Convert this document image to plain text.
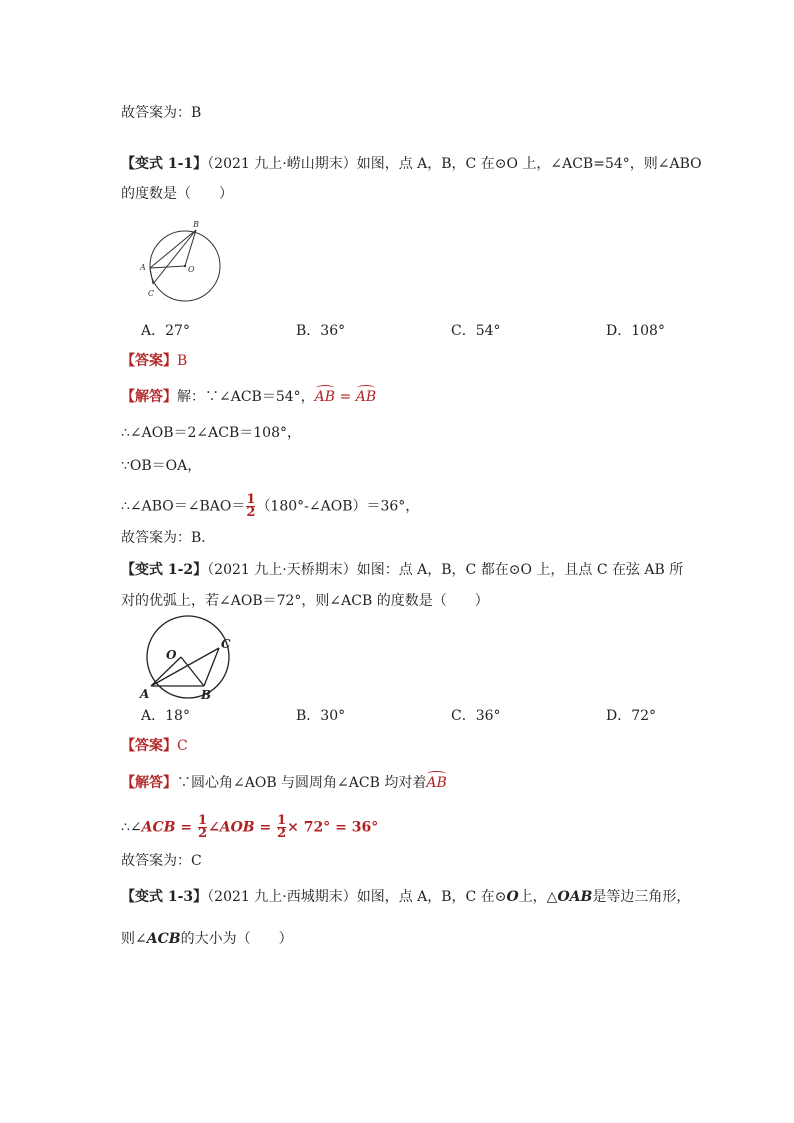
故答案为：B
【变式 1-1】（2021 九上·崂山期末）如图，点 A，B，C 在⊙O 上，∠ACB=54°，则∠ABO
的度数是（　　）
B
A	O
C
A．27°	B．36°	C．54°	D．108°
【答案】B
【解答】解：∵∠ACB＝54°，AB = AB
∴∠AOB＝2∠ACB＝108°，
∵OB＝OA，
∴∠ABO＝∠BAO＝ $\frac{1}{2}$ （180°-∠AOB）＝36°，
故答案为：B．
【变式 1-2】（2021 九上·天桥期末）如图：点 A，B，C 都在⊙O 上，且点 C 在弦 AB 所
对的优弧上，若∠AOB＝72°，则∠ACB 的度数是（　　）
O
C
A	B
A．18°	B．30°	C．36°	D．72°
【答案】C
【解答】∵圆心角∠AOB 与圆周角∠ACB 均对着AB
∴∠ACB = $\frac{1}{2}$ ∠AOB = $\frac{1}{2} \times 72^\circ = 36^\circ$
故答案为：C
【变式 1-3】（2021 九上·西城期末）如图，点 A，B，C 在⊙O上，△OAB是等边三角形，
则∠ACB的大小为（　　）
